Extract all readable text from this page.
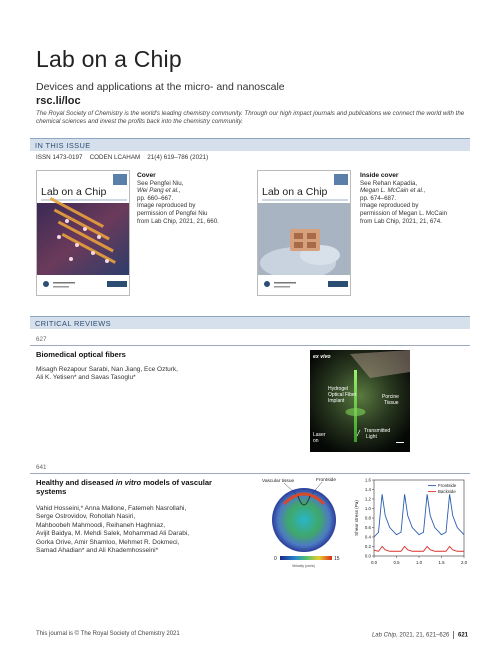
Lab on a Chip
Devices and applications at the micro- and nanoscale
rsc.li/loc
The Royal Society of Chemistry is the world's leading chemistry community. Through our high impact journals and publications we connect the world with the chemical sciences and invest the profits back into the chemistry community.
IN THIS ISSUE
ISSN 1473-0197 CODEN LCAHAM 21(4) 619–786 (2021)
Lab on a Chip
Cover
See Pengfei Niu,
Wei Pang et al.,
pp. 660–667.
Image reproduced by
permission of Pengfei Niu
from Lab Chip, 2021, 21, 660.
Lab on a Chip
Inside cover
See Rehan Kapadia,
Megan L. McCain et al.,
pp. 674–687.
Image reproduced by
permission of Megan L. McCain
from Lab Chip, 2021, 21, 674.
CRITICAL REVIEWS
627
Biomedical optical fibers
Misagh Rezapour Sarabi, Nan Jiang, Ece Ozturk,
Ali K. Yetisen* and Savas Tasoglu*
ex vivo
Hydrogel
Optical Fiber
Implant
Porcine
Tissue
Laser
on
Transmitted
Light
641
Healthy and diseased in vitro models of vascular
systems
Vahid Hosseini,* Anna Mallone, Fatemeh Nasrollahi,
Serge Ostrovidov, Rohollah Nasiri,
Mahboobeh Mahmoodi, Reihaneh Haghniaz,
Avijit Baidya, M. Mehdi Salek, Mohammad Ali Darabi,
Gorka Orive, Amir Shamloo, Mehmet R. Dokmeci,
Samad Ahadian* and Ali Khademhosseini*
Vascular tissue	Frontside
0	15
Velocity (cm/s)
0.0
0.2
0.4
0.6
0.8
1.0
1.2
1.4
1.6
0.0	0.5	1.0	1.5	2.0
Shear stress (Pa)
Frontside
Backside
This journal is © The Royal Society of Chemistry 2021	Lab Chip, 2021, 21, 621–626 621
